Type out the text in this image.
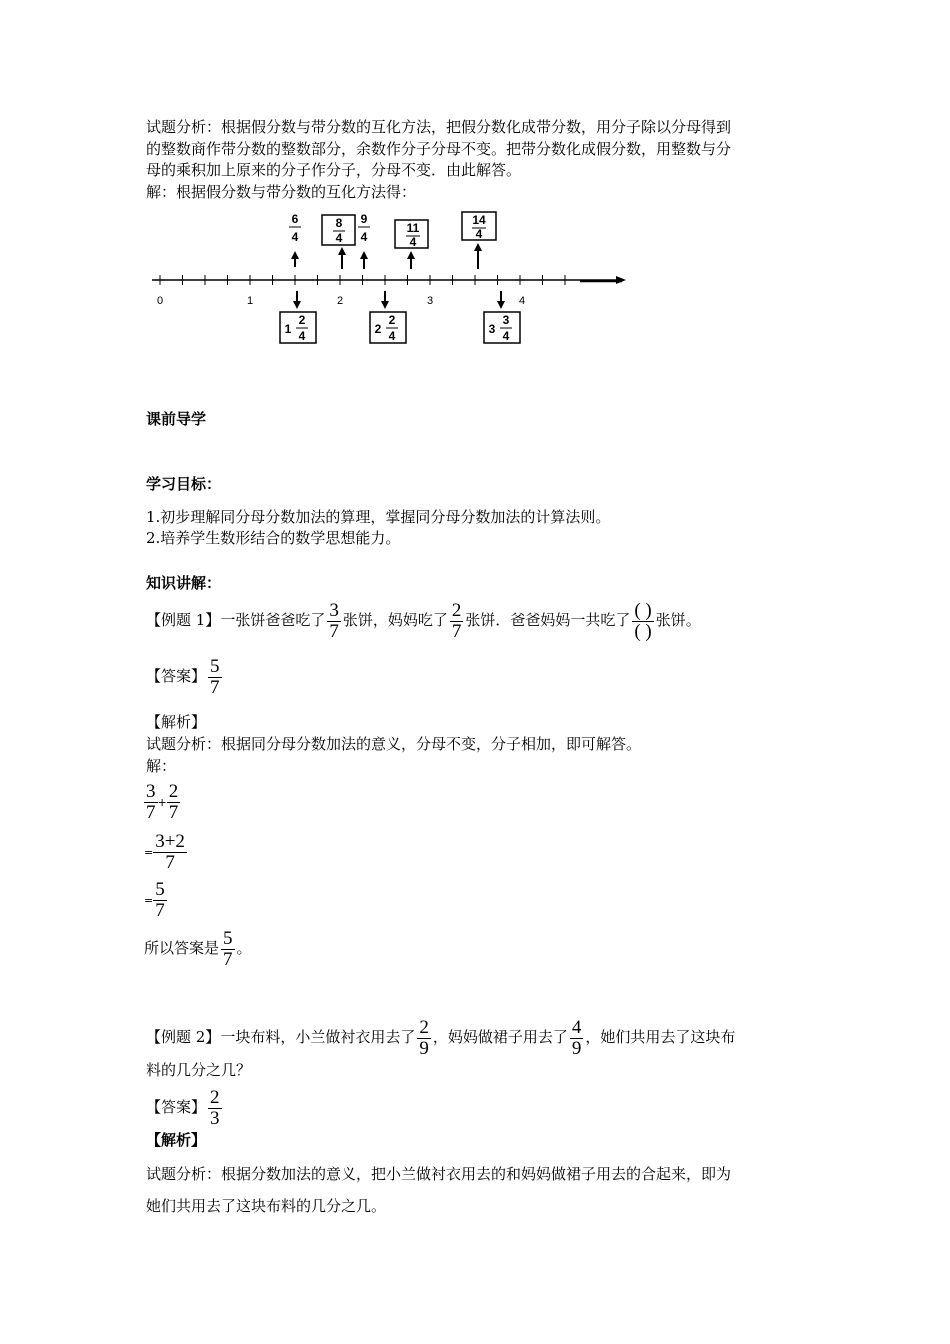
试题分析：根据假分数与带分数的互化方法，把假分数化成带分数，用分子除以分母得到
的整数商作带分数的整数部分，余数作分子分母不变。把带分数化成假分数，用整数与分
母的乘积加上原来的分子作分子，分母不变．由此解答。
解：根据假分数与带分数的互化方法得：
0	1	2	3	4
6
4
8
4
9
4
11
4
14
4
1
2
4	2
2
4	3
3
4
课前导学
学习目标：
1.初步理解同分母分数加法的算理，掌握同分母分数加法的计算法则。
2.培养学生数形结合的数学思想能力。
知识讲解：
【例题 1】一张饼爸爸吃了 $\frac{3}{7}$ 张饼，妈妈吃了 $\frac{2}{7}$ 张饼．爸爸妈妈一共吃了 $\frac{( )}{( )}$ 张饼。
【答案】 $\frac{5}{7}$
【解析】
试题分析：根据同分母分数加法的意义，分母不变，分子相加，即可解答。
解：
$\frac{3}{7} + \frac{2}{7}$
= $\frac{3+2}{7}$
= $\frac{5}{7}$
所以答案是 $\frac{5}{7}$ 。
【例题 2】一块布料，小兰做衬衣用去了 $\frac{2}{9}$ ，妈妈做裙子用去了 $\frac{4}{9}$ ，她们共用去了这块布
料的几分之几？
【答案】 $\frac{2}{3}$
【解析】
试题分析：根据分数加法的意义，把小兰做衬衣用去的和妈妈做裙子用去的合起来，即为
她们共用去了这块布料的几分之几。
